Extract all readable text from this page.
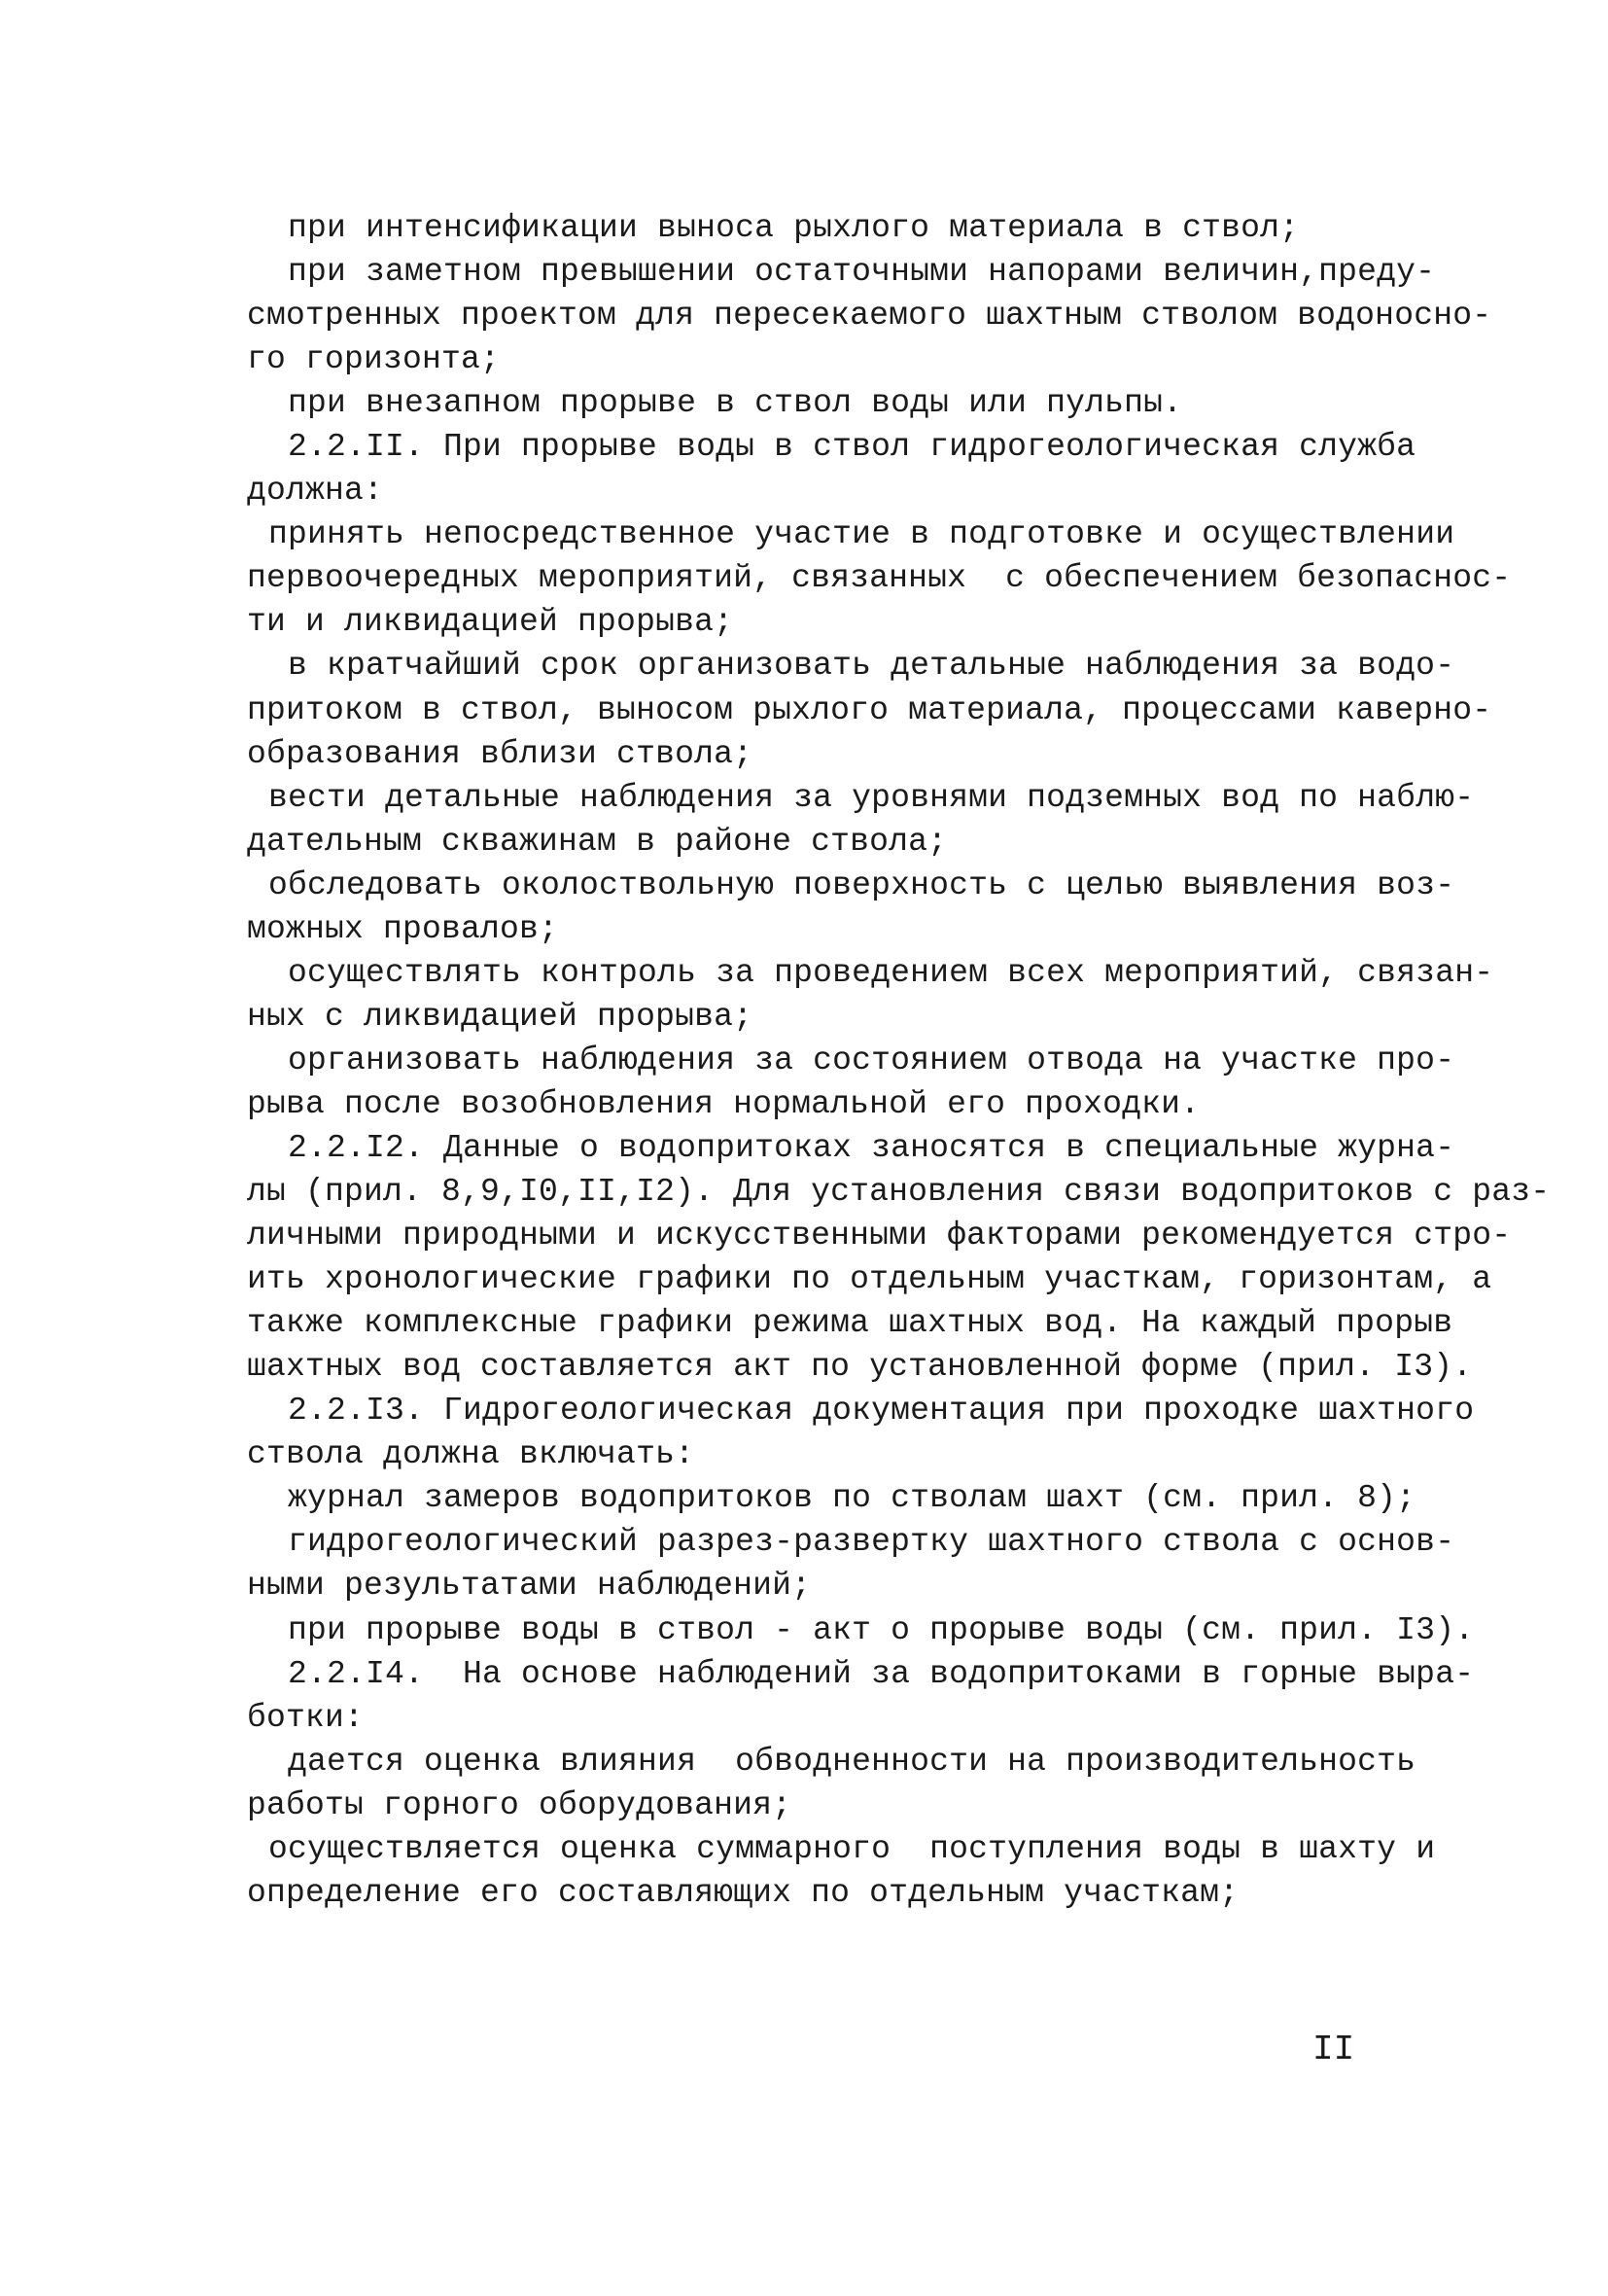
при интенсификации выноса рыхлого материала в ствол;
при заметном превышении остаточными напорами величин,преду-
смотренных проектом для пересекаемого шахтным стволом водоносно-
го горизонта;
при внезапном прорыве в ствол воды или пульпы.
2.2.II. При прорыве воды в ствол гидрогеологическая служба
должна:
принять непосредственное участие в подготовке и осуществлении
первоочередных мероприятий, связанных  с обеспечением безопаснос-
ти и ликвидацией прорыва;
в кратчайший срок организовать детальные наблюдения за водо-
притоком в ствол, выносом рыхлого материала, процессами каверно-
образования вблизи ствола;
вести детальные наблюдения за уровнями подземных вод по наблю-
дательным скважинам в районе ствола;
обследовать околоствольную поверхность с целью выявления воз-
можных провалов;
осуществлять контроль за проведением всех мероприятий, связан-
ных с ликвидацией прорыва;
организовать наблюдения за состоянием отвода на участке про-
рыва после возобновления нормальной его проходки.
2.2.I2. Данные о водопритоках заносятся в специальные журна-
лы (прил. 8,9,I0,II,I2). Для установления связи водопритоков с раз-
личными природными и искусственными факторами рекомендуется стро-
ить хронологические графики по отдельным участкам, горизонтам, а
также комплексные графики режима шахтных вод. На каждый прорыв
шахтных вод составляется акт по установленной форме (прил. I3).
2.2.I3. Гидрогеологическая документация при проходке шахтного
ствола должна включать:
журнал замеров водопритоков по стволам шахт (см. прил. 8);
гидрогеологический разрез-развертку шахтного ствола с основ-
ными результатами наблюдений;
при прорыве воды в ствол - акт о прорыве воды (см. прил. I3).
2.2.I4.  На основе наблюдений за водопритоками в горные выра-
ботки:
дается оценка влияния  обводненности на производительность
работы горного оборудования;
осуществляется оценка суммарного  поступления воды в шахту и
определение его составляющих по отдельным участкам;
II
